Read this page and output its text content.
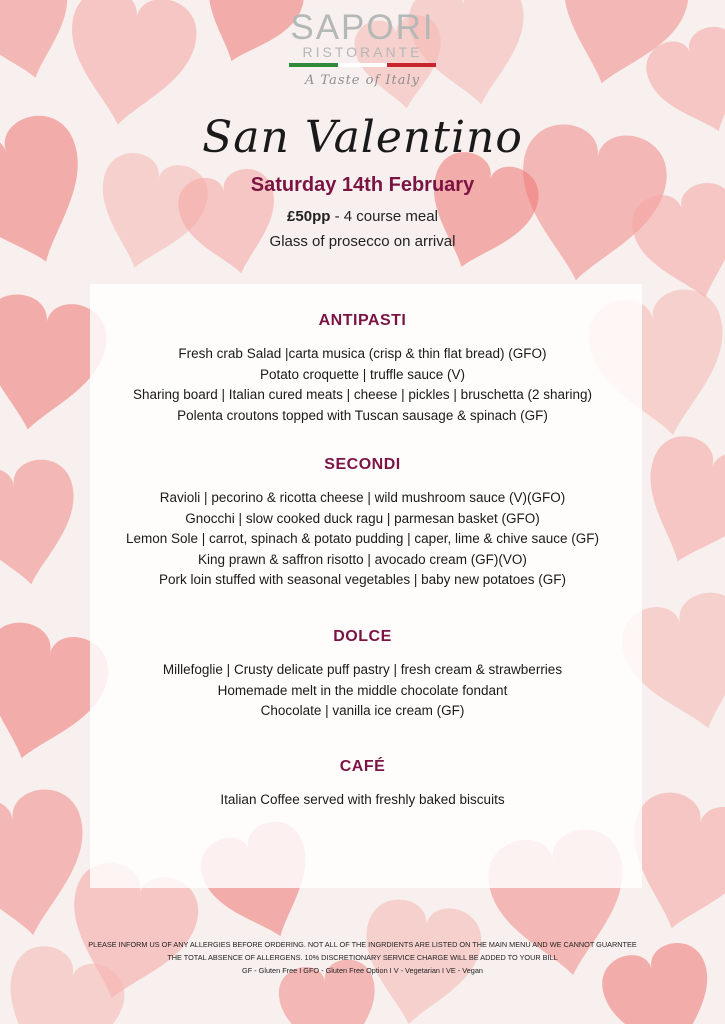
SAPORI
RISTORANTE
A Taste of Italy
San Valentino
Saturday 14th February
£50pp - 4 course meal
Glass of prosecco on arrival
ANTIPASTI
Fresh crab Salad |carta musica (crisp & thin flat bread) (GFO)
Potato croquette | truffle sauce (V)
Sharing board | Italian cured meats | cheese | pickles | bruschetta (2 sharing)
Polenta croutons topped with Tuscan sausage & spinach (GF)
SECONDI
Ravioli | pecorino & ricotta cheese | wild mushroom sauce (V)(GFO)
Gnocchi | slow cooked duck ragu | parmesan basket (GFO)
Lemon Sole | carrot, spinach & potato pudding | caper, lime & chive sauce (GF)
King prawn & saffron risotto | avocado cream (GF)(VO)
Pork loin stuffed with seasonal vegetables | baby new potatoes (GF)
DOLCE
Millefoglie | Crusty delicate puff pastry | fresh cream & strawberries
Homemade melt in the middle chocolate fondant
Chocolate | vanilla ice cream (GF)
CAFÉ
Italian Coffee served with freshly baked biscuits
PLEASE INFORM US OF ANY ALLERGIES BEFORE ORDERING. NOT ALL OF THE INGRDIENTS ARE LISTED ON THE MAIN MENU AND WE CANNOT GUARNTEE
THE TOTAL ABSENCE OF ALLERGENS. 10% DISCRETIONARY SERVICE CHARGE WILL BE ADDED TO YOUR BILL
GF - Gluten Free I GFO - Gluten Free Option I V - Vegetarian I VE - Vegan
